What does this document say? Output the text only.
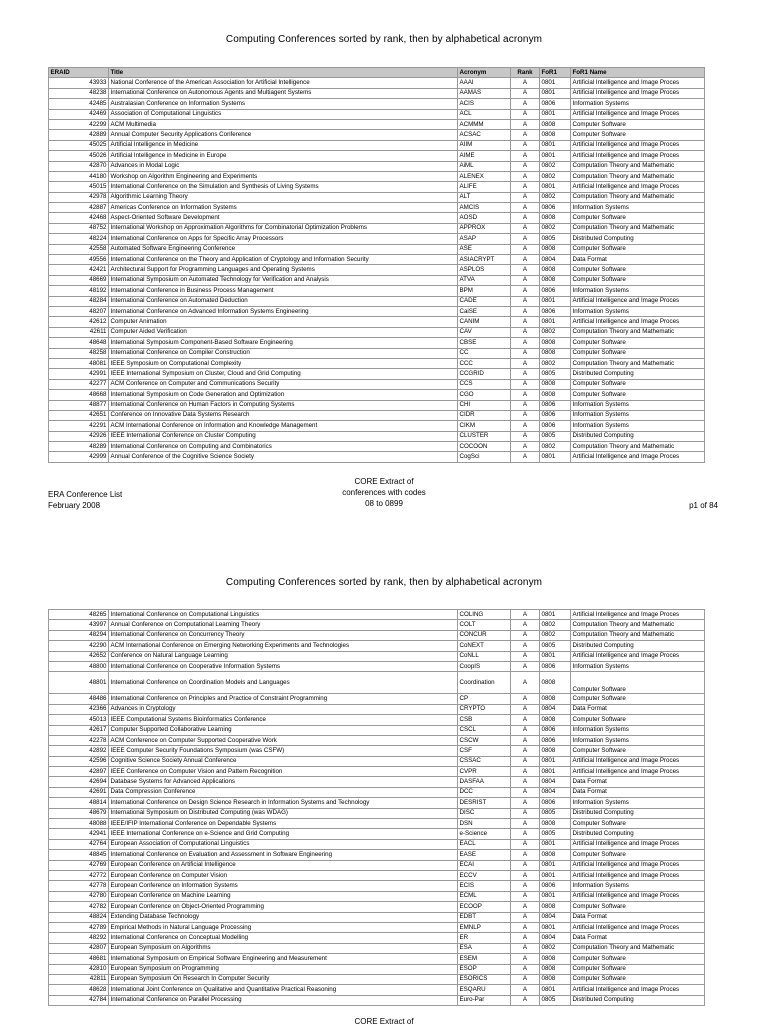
Computing Conferences sorted by rank, then by alphabetical acronym
ERAID	Title	Acronym	Rank	FoR1	FoR1 Name
43933	National Conference of the American Association for Artificial Intelligence	AAAI	A	0801	Artificial Intelligence and Image Proces
48238	International Conference on Autonomous Agents and Multiagent Systems	AAMAS	A	0801	Artificial Intelligence and Image Proces
42485	Australasian Conference on Information Systems	ACIS	A	0806	Information Systems
42469	Association of Computational Linguistics	ACL	A	0801	Artificial Intelligence and Image Proces
42299	ACM Multimedia	ACMMM	A	0808	Computer Software
42889	Annual Computer Security Applications Conference	ACSAC	A	0808	Computer Software
45025	Artificial Intelligence in Medicine	AIIM	A	0801	Artificial Intelligence and Image Proces
45026	Artificial Intelligence in Medicine in Europe	AIME	A	0801	Artificial Intelligence and Image Proces
42870	Advances in Modal Logic	AiML	A	0802	Computation Theory and Mathematic
44180	Workshop on Algorithm Engineering and Experiments	ALENEX	A	0802	Computation Theory and Mathematic
45015	International Conference on the Simulation and Synthesis of Living Systems	ALIFE	A	0801	Artificial Intelligence and Image Proces
42978	Algorithmic Learning Theory	ALT	A	0802	Computation Theory and Mathematic
42887	Americas Conference on Information Systems	AMCIS	A	0806	Information Systems
42468	Aspect-Oriented Software Development	AOSD	A	0808	Computer Software
48752	International Workshop on Approximation Algorithms for Combinatorial Optimization Problems	APPROX	A	0802	Computation Theory and Mathematic
48224	International Conference on Apps for Specific Array Processors	ASAP	A	0805	Distributed Computing
42558	Automated Software Engineering Conference	ASE	A	0808	Computer Software
49556	International Conference on the Theory and Application of Cryptology and Information Security	ASIACRYPT	A	0804	Data Format
42421	Architectural Support for Programming Languages and Operating Systems	ASPLOS	A	0808	Computer Software
48669	International Symposium on Automated Technology for Verification and Analysis	ATVA	A	0808	Computer Software
48192	International Conference in Business Process Management	BPM	A	0806	Information Systems
48284	International Conference on Automated Deduction	CADE	A	0801	Artificial Intelligence and Image Proces
48207	International Conference on Advanced Information Systems Engineering	CaiSE	A	0806	Information Systems
42612	Computer Animation	CANIM	A	0801	Artificial Intelligence and Image Proces
42611	Computer Aided Verification	CAV	A	0802	Computation Theory and Mathematic
48648	International Symposium Component-Based Software Engineering	CBSE	A	0808	Computer Software
48258	International Conference on Compiler Construction	CC	A	0808	Computer Software
48081	IEEE Symposium on Computational Complexity	CCC	A	0802	Computation Theory and Mathematic
42991	IEEE International Symposium on Cluster, Cloud and Grid Computing	CCGRID	A	0805	Distributed Computing
42277	ACM Conference on Computer and Communications Security	CCS	A	0808	Computer Software
48668	International Symposium on Code Generation and Optimization	CGO	A	0808	Computer Software
48877	International Conference on Human Factors in Computing Systems	CHI	A	0806	Information Systems
42651	Conference on Innovative Data Systems Research	CIDR	A	0806	Information Systems
42291	ACM International Conference on Information and Knowledge Management	CIKM	A	0806	Information Systems
42926	IEEE International Conference on Cluster Computing	CLUSTER	A	0805	Distributed Computing
48289	International Conference on Computing and Combinatorics	COCOON	A	0802	Computation Theory and Mathematic
42999	Annual Conference of the Cognitive Science Society	CogSci	A	0801	Artificial Intelligence and Image Proces
CORE Extract of
conferences with codes
08 to 0899
ERA Conference List
February 2008	p1 of 84
Computing Conferences sorted by rank, then by alphabetical acronym
48265	International Conference on Computational Linguistics	COLING	A	0801	Artificial Intelligence and Image Proces
43997	Annual Conference on Computational Learning Theory	COLT	A	0802	Computation Theory and Mathematic
48294	International Conference on Concurrency Theory	CONCUR	A	0802	Computation Theory and Mathematic
42290	ACM International Conference on Emerging Networking Experiments and Technologies	CoNEXT	A	0805	Distributed Computing
42652	Conference on Natural Language Learning	CoNLL	A	0801	Artificial Intelligence and Image Proces
48800	International Conference on Cooperative Information Systems	CoopIS	A	0806	Information Systems
48801	International Conference on Coordination Models and Languages	Coordination	A	0808	Computer Software
48486	International Conference on Principles and Practice of Constraint Programming	CP	A	0808	Computer Software
42366	Advances in Cryptology	CRYPTO	A	0804	Data Format
45013	IEEE Computational Systems Bioinformatics Conference	CSB	A	0808	Computer Software
42617	Computer Supported Collaborative Learning	CSCL	A	0806	Information Systems
42278	ACM Conference on Computer Supported Cooperative Work	CSCW	A	0806	Information Systems
42892	IEEE Computer Security Foundations Symposium (was CSFW)	CSF	A	0808	Computer Software
42596	Cognitive Science Society Annual Conference	CSSAC	A	0801	Artificial Intelligence and Image Proces
42897	IEEE Conference on Computer Vision and Pattern Recognition	CVPR	A	0801	Artificial Intelligence and Image Proces
42694	Database Systems for Advanced Applications	DASFAA	A	0804	Data Format
42691	Data Compression Conference	DCC	A	0804	Data Format
48814	International Conference on Design Science Research in Information Systems and Technology	DESRIST	A	0806	Information Systems
48679	International Symposium on Distributed Computing (was WDAG)	DISC	A	0805	Distributed Computing
48088	IEEE/IFIP International Conference on Dependable Systems	DSN	A	0808	Computer Software
42941	IEEE International Conference on e-Science and Grid Computing	e-Science	A	0805	Distributed Computing
42764	European Association of Computational Linguistics	EACL	A	0801	Artificial Intelligence and Image Proces
48845	International Conference on Evaluation and Assessment in Software Engineering	EASE	A	0808	Computer Software
42769	European Conference on Artificial Intelligence	ECAI	A	0801	Artificial Intelligence and Image Proces
42772	European Conference on Computer Vision	ECCV	A	0801	Artificial Intelligence and Image Proces
42778	European Conference on Information Systems	ECIS	A	0806	Information Systems
42780	European Conference on Machine Learning	ECML	A	0801	Artificial Intelligence and Image Proces
42782	European Conference on Object-Oriented Programming	ECOOP	A	0808	Computer Software
48824	Extending Database Technology	EDBT	A	0804	Data Format
42789	Empirical Methods in Natural Language Processing	EMNLP	A	0801	Artificial Intelligence and Image Proces
48292	International Conference on Conceptual Modelling	ER	A	0804	Data Format
42807	European Symposium on Algorithms	ESA	A	0802	Computation Theory and Mathematic
48681	International Symposium on Empirical Software Engineering and Measurement	ESEM	A	0808	Computer Software
42810	European Symposium on Programming	ESOP	A	0808	Computer Software
42811	European Symposium On Research In Computer Security	ESORICS	A	0808	Computer Software
48628	International Joint Conference on Qualitative and Quantitative Practical Reasoning	ESQARU	A	0801	Artificial Intelligence and Image Proces
42784	International Conference on Parallel Processing	Euro-Par	A	0805	Distributed Computing
CORE Extract of
